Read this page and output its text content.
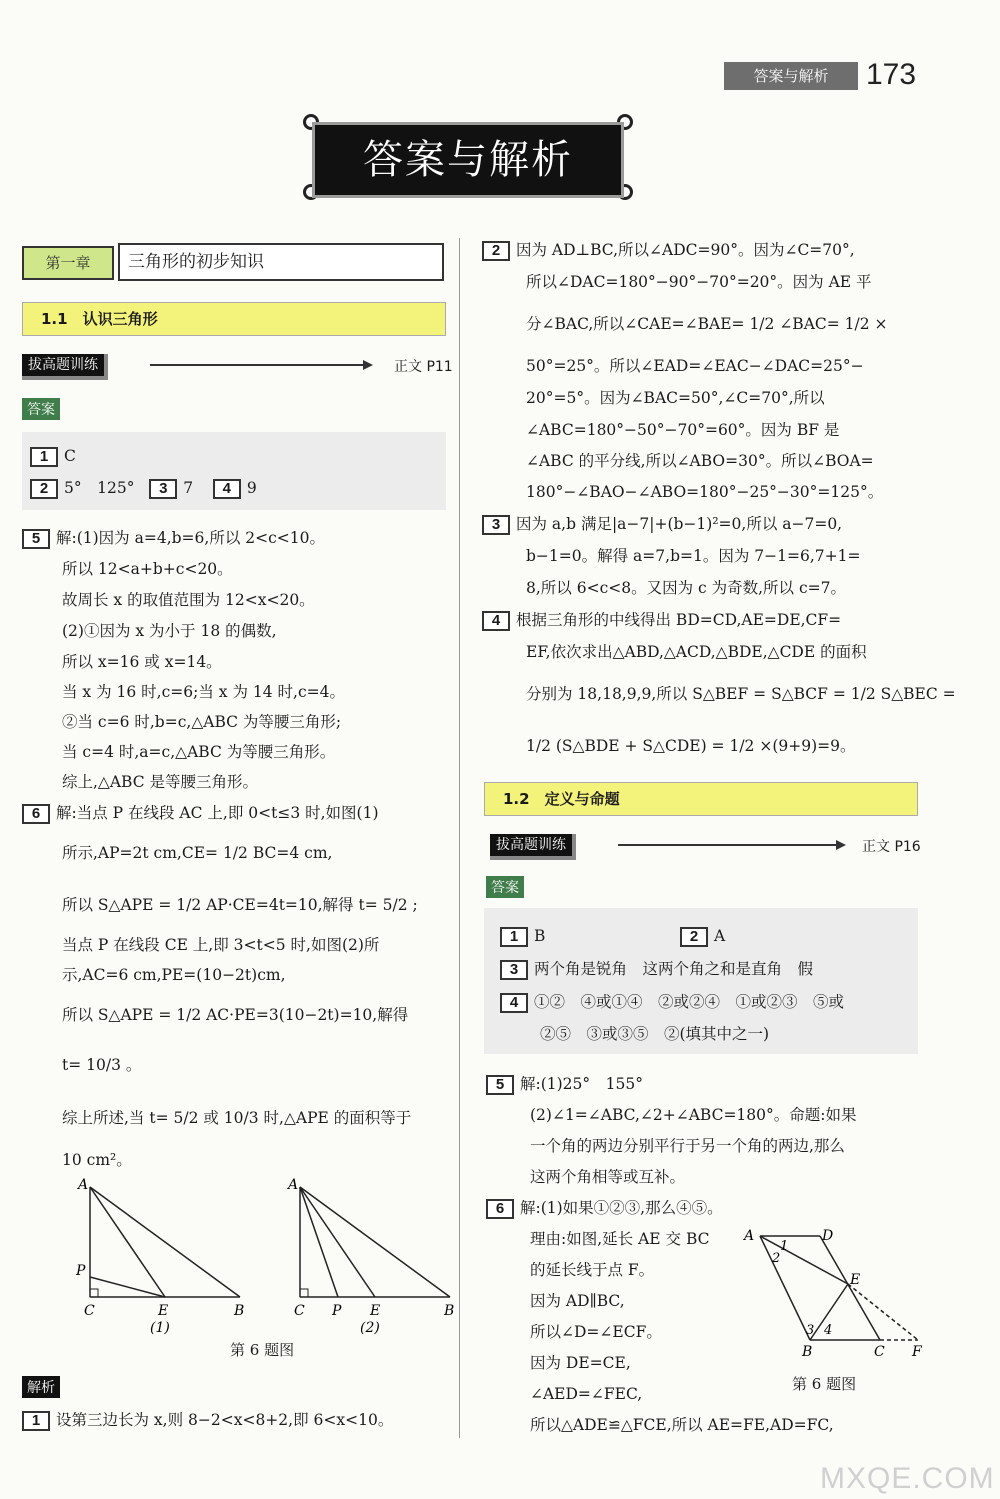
答案与解析	173
答案与解析
第一章	三角形的初步知识
1.1　认识三角形
拔高题训练	正文 P11
答案
1 C
2 5°　125° 3 7 4 9
5 解:(1)因为 a=4,b=6,所以 2<c<10。
所以 12<a+b+c<20。
故周长 x 的取值范围为 12<x<20。
(2)①因为 x 为小于 18 的偶数,
所以 x=16 或 x=14。
当 x 为 16 时,c=6;当 x 为 14 时,c=4。
②当 c=6 时,b=c,△ABC 为等腰三角形;
当 c=4 时,a=c,△ABC 为等腰三角形。
综上,△ABC 是等腰三角形。
6 解:当点 P 在线段 AC 上,即 0<t≤3 时,如图(1)
所示,AP=2t cm,CE= 1/2 BC=4 cm,
所以 S△APE = 1/2 AP·CE=4t=10,解得 t= 5/2 ;
当点 P 在线段 CE 上,即 3<t<5 时,如图(2)所
示,AC=6 cm,PE=(10−2t)cm,
所以 S△APE = 1/2 AC·PE=3(10−2t)=10,解得
t= 10/3 。
综上所述,当 t= 5/2 或 10/3 时,△APE 的面积等于
10 cm²。
A
P
C	E	B
(1)
A
C P E	B
(2)
第 6 题图
解析
1 设第三边长为 x,则 8−2<x<8+2,即 6<x<10。
2 因为 AD⊥BC,所以∠ADC=90°。因为∠C=70°,
所以∠DAC=180°−90°−70°=20°。因为 AE 平
分∠BAC,所以∠CAE=∠BAE= 1/2 ∠BAC= 1/2 ×
50°=25°。所以∠EAD=∠EAC−∠DAC=25°−
20°=5°。因为∠BAC=50°,∠C=70°,所以
∠ABC=180°−50°−70°=60°。因为 BF 是
∠ABC 的平分线,所以∠ABO=30°。所以∠BOA=
180°−∠BAO−∠ABO=180°−25°−30°=125°。
3 因为 a,b 满足|a−7|+(b−1)²=0,所以 a−7=0,
b−1=0。解得 a=7,b=1。因为 7−1=6,7+1=
8,所以 6<c<8。又因为 c 为奇数,所以 c=7。
4 根据三角形的中线得出 BD=CD,AE=DE,CF=
EF,依次求出△ABD,△ACD,△BDE,△CDE 的面积
分别为 18,18,9,9,所以 S△BEF = S△BCF = 1/2 S△BEC =
1/2 (S△BDE + S△CDE) = 1/2 ×(9+9)=9。
1.2　定义与命题
拔高题训练	正文 P16
答案
1 B	2 A
3 两个角是锐角　这两个角之和是直角　假
4 ①②　④或①④　②或②④　①或②③　⑤或
②⑤　③或③⑤　②(填其中之一)
5 解:(1)25°　155°
(2)∠1=∠ABC,∠2+∠ABC=180°。命题:如果
一个角的两边分别平行于另一个角的两边,那么
这两个角相等或互补。
6 解:(1)如果①②③,那么④⑤。
理由:如图,延长 AE 交 BC
的延长线于点 F。
因为 AD∥BC,
所以∠D=∠ECF。
因为 DE=CE,
∠AED=∠FEC,
所以△ADE≌△FCE,所以 AE=FE,AD=FC,
A	D
E
B	C F
1
2
3 4
第 6 题图
MXQE.COM
